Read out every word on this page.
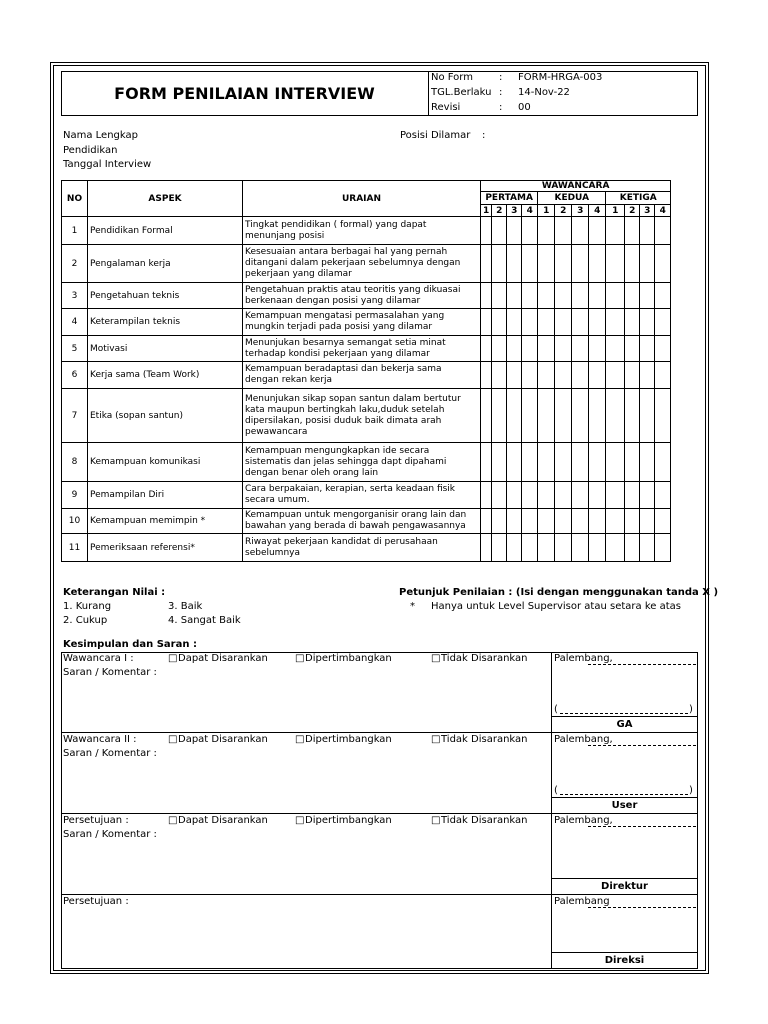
FORM PENILAIAN INTERVIEW
No Form	: FORM-HRGA-003
TGL.Berlaku : 14-Nov-22
Revisi	: 00
Nama Lengkap
Pendidikan
Tanggal Interview
Posisi Dilamar :
NO	ASPEK	URAIAN	WAWANCARA											
			PERTAMA				KEDUA				KETIGA			
			1	2	3	4	1	2	3	4	1	2	3	4
1	Pendidikan Formal	Tingkat pendidikan ( formal) yang dapat menunjang posisi												
2	Pengalaman kerja	Kesesuaian antara berbagai hal yang pernah ditangani dalam pekerjaan sebelumnya dengan pekerjaan yang dilamar												
3	Pengetahuan teknis	Pengetahuan praktis atau teoritis yang dikuasai berkenaan dengan posisi yang dilamar												
4	Keterampilan teknis	Kemampuan mengatasi permasalahan yang mungkin terjadi pada posisi yang dilamar												
5	Motivasi	Menunjukan besarnya semangat setia minat terhadap kondisi pekerjaan yang dilamar												
6	Kerja sama (Team Work)	Kemampuan beradaptasi dan bekerja sama dengan rekan kerja												
7	Etika (sopan santun)	Menunjukan sikap sopan santun dalam bertutur kata maupun bertingkah laku,duduk setelah dipersilakan, posisi duduk baik dimata arah pewawancara												
8	Kemampuan komunikasi	Kemampuan mengungkapkan ide secara sistematis dan jelas sehingga dapt dipahami dengan benar oleh orang lain												
9	Pemampilan Diri	Cara berpakaian, kerapian, serta keadaan fisik secara umum.												
10	Kemampuan memimpin *	Kemampuan untuk mengorganisir orang lain dan bawahan yang berada di bawah pengawasannya												
11	Pemeriksaan referensi*	Riwayat pekerjaan kandidat di perusahaan sebelumnya												
Keterangan Nilai :
1. Kurang
2. Cukup
3. Baik
4. Sangat Baik
Petunjuk Penilaian : (Isi dengan menggunakan tanda X )
* Hanya untuk Level Supervisor atau setara ke atas
Kesimpulan dan Saran :
Wawancara I :
Saran / Komentar :
□ Dapat Disarankan	□ Dipertimbangkan	□ Tidak Disarankan	Palembang,
(	)
GA
Wawancara II :
Saran / Komentar :
□ Dapat Disarankan	□ Dipertimbangkan	□ Tidak Disarankan	Palembang,
(	)
User
Persetujuan :
Saran / Komentar :
□ Dapat Disarankan	□ Dipertimbangkan	□ Tidak Disarankan	Palembang,
Direktur
Persetujuan :	Palembang
Direksi
